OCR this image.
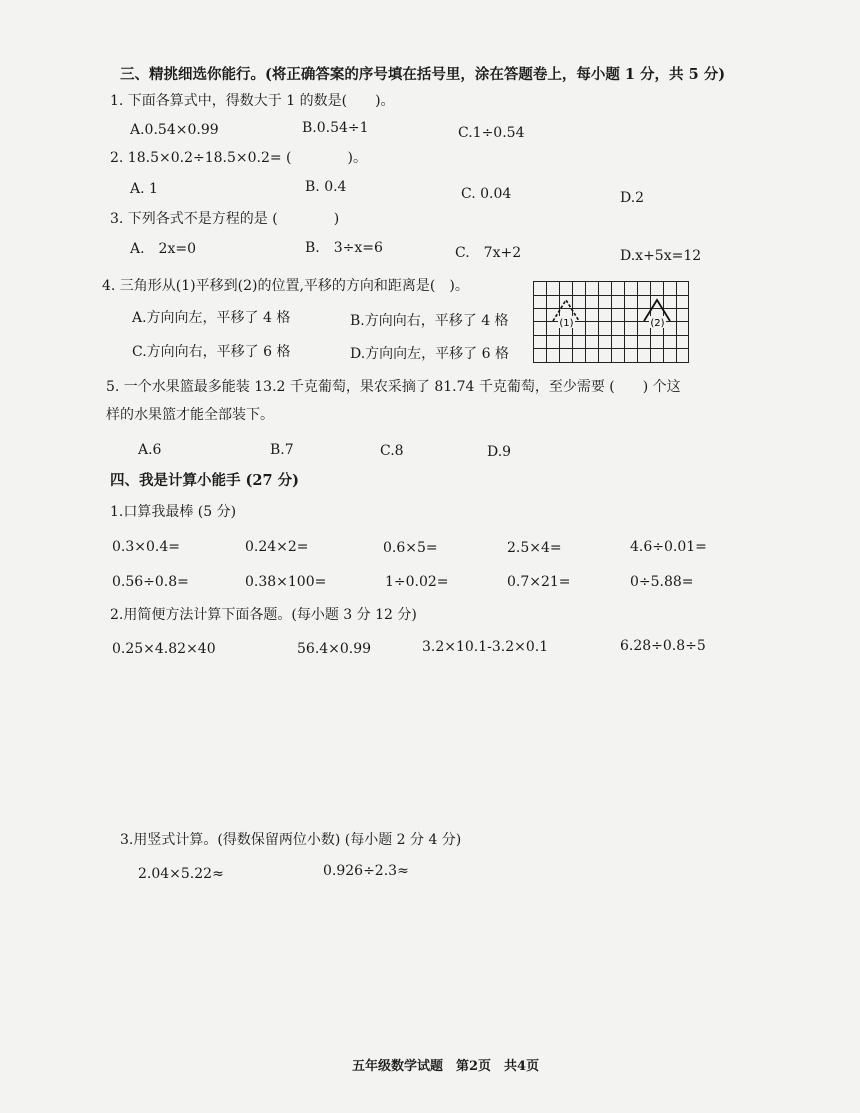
三、精挑细选你能行。(将正确答案的序号填在括号里，涂在答题卷上，每小题 1 分，共 5 分)
1. 下面各算式中，得数大于 1 的数是(　　)。
A.0.54×0.99	B.0.54÷1	C.1÷0.54
2. 18.5×0.2÷18.5×0.2= (　　　　)。
A. 1	B. 0.4	C. 0.04	D.2
3. 下列各式不是方程的是 (　　　　)
A.　2x=0	B.　3÷x=6	C.　7x+2	D.x+5x=12
4. 三角形从(1)平移到(2)的位置,平移的方向和距离是(　)。
A.方向向左，平移了 4 格	B.方向向右，平移了 4 格
C.方向向右，平移了 6 格	D.方向向左，平移了 6 格
(1)	(2)
5. 一个水果篮最多能装 13.2 千克葡萄，果农采摘了 81.74 千克葡萄，至少需要 (　　) 个这
样的水果篮才能全部装下。
A.6	B.7	C.8	D.9
四、我是计算小能手 (27 分)
1.口算我最棒 (5 分)
0.3×0.4=	0.24×2=	0.6×5=	2.5×4=	4.6÷0.01=
0.56÷0.8=	0.38×100=	1÷0.02=	0.7×21=	0÷5.88=
2.用简便方法计算下面各题。(每小题 3 分 12 分)
0.25×4.82×40	56.4×0.99	3.2×10.1-3.2×0.1	6.28÷0.8÷5
3.用竖式计算。(得数保留两位小数) (每小题 2 分 4 分)
2.04×5.22≈	0.926÷2.3≈
五年级数学试题　第2页　共4页
